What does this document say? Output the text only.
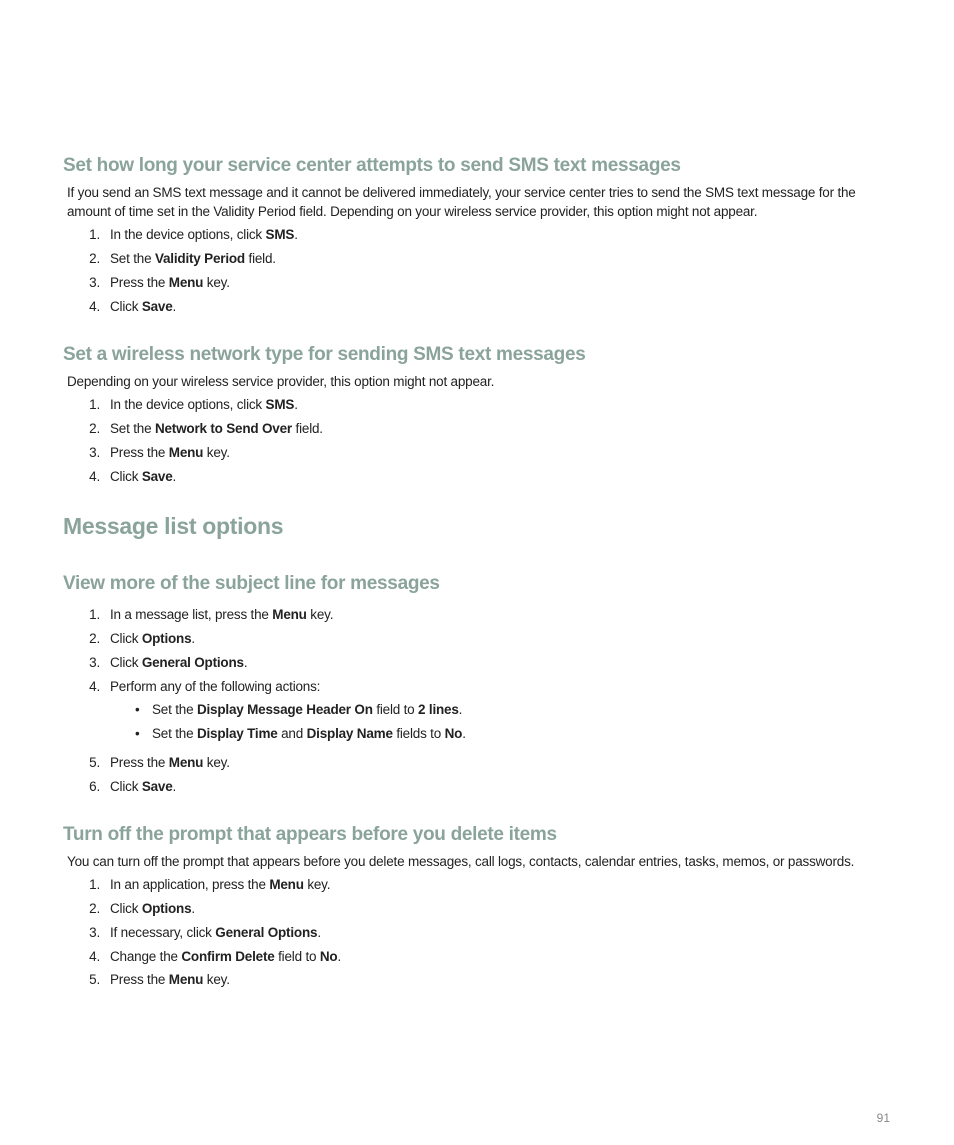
Set how long your service center attempts to send SMS text messages

If you send an SMS text message and it cannot be delivered immediately, your service center tries to send the SMS text message for the amount of time set in the Validity Period field. Depending on your wireless service provider, this option might not appear.

1. In the device options, click SMS.
2. Set the Validity Period field.
3. Press the Menu key.
4. Click Save.
Set a wireless network type for sending SMS text messages

Depending on your wireless service provider, this option might not appear.

1. In the device options, click SMS.
2. Set the Network to Send Over field.
3. Press the Menu key.
4. Click Save.
Message list options
View more of the subject line for messages
1. In a message list, press the Menu key.
2. Click Options.
3. Click General Options.
4. Perform any of the following actions:
• Set the Display Message Header On field to 2 lines.
• Set the Display Time and Display Name fields to No.
5. Press the Menu key.
6. Click Save.
Turn off the prompt that appears before you delete items

You can turn off the prompt that appears before you delete messages, call logs, contacts, calendar entries, tasks, memos, or passwords.

1. In an application, press the Menu key.
2. Click Options.
3. If necessary, click General Options.
4. Change the Confirm Delete field to No.
5. Press the Menu key.
91
